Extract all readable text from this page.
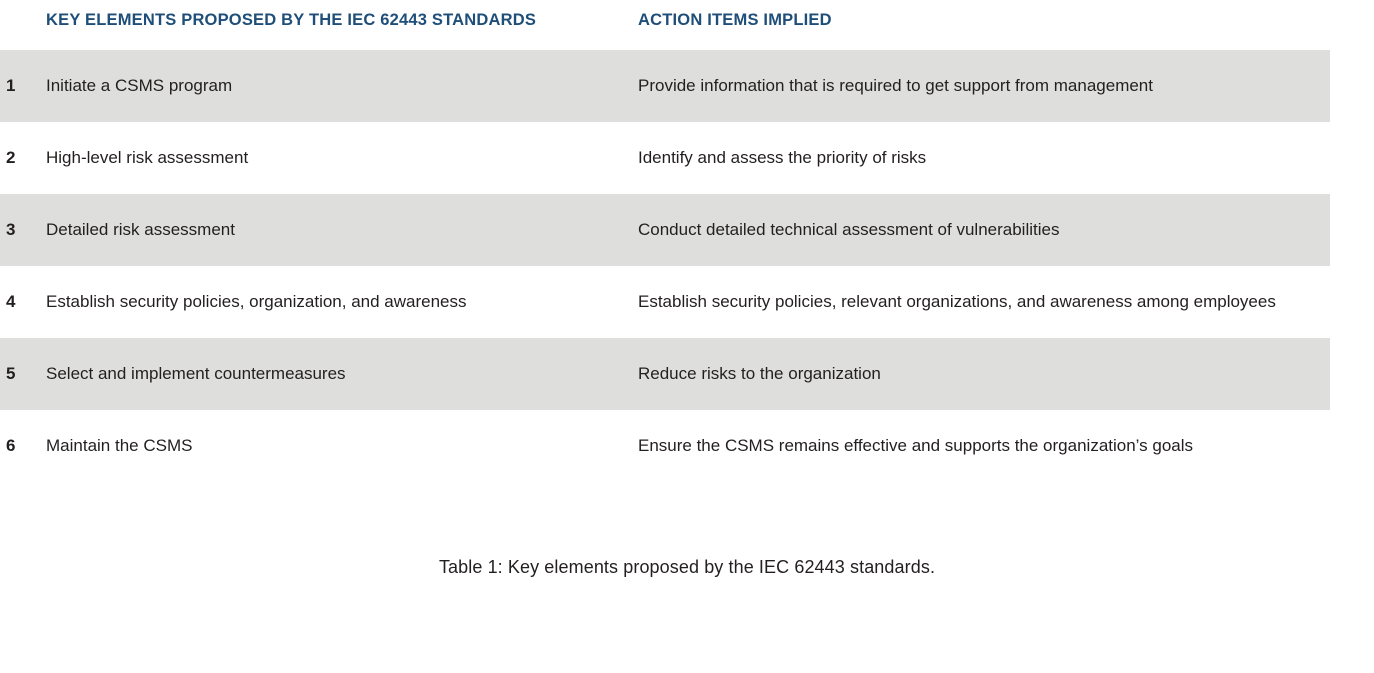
	KEY ELEMENTS PROPOSED BY THE IEC 62443 STANDARDS	ACTION ITEMS IMPLIED
1	Initiate a CSMS program	Provide information that is required to get support from management
2	High-level risk assessment	Identify and assess the priority of risks
3	Detailed risk assessment	Conduct detailed technical assessment of vulnerabilities
4	Establish security policies, organization, and awareness	Establish security policies, relevant organizations, and awareness among employees
5	Select and implement countermeasures	Reduce risks to the organization
6	Maintain the CSMS	Ensure the CSMS remains effective and supports the organization’s goals
Table 1: Key elements proposed by the IEC 62443 standards.
